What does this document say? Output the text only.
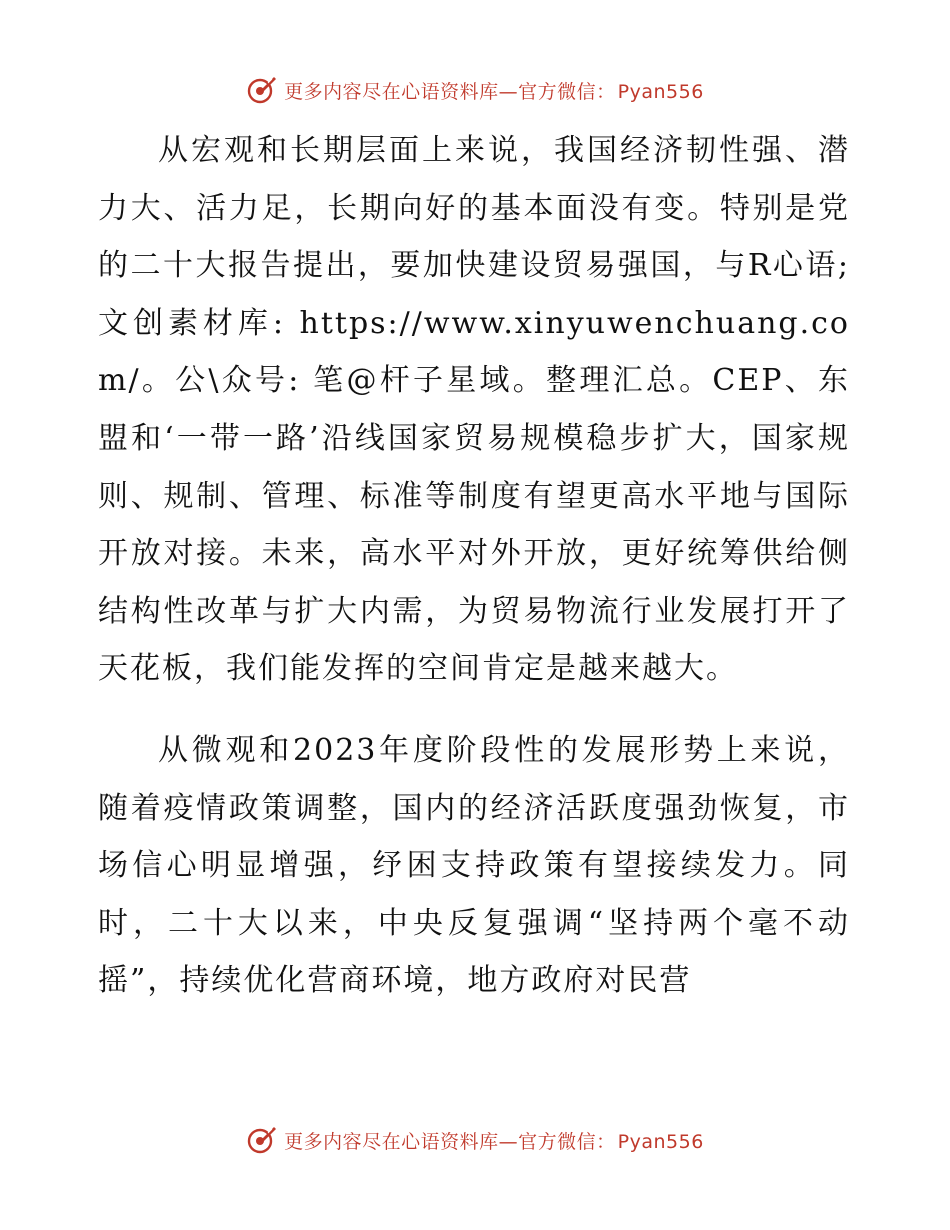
更多内容尽在心语资料库—官方微信： Pyan556

从宏观和长期层面上来说，我国经济韧性强、潜力大、活力足，长期向好的基本面没有变。特别是党的二十大报告提出，要加快建设贸易强国，与R心语;文创素材库: https://www.xinyuwenchuang.com/。公\众号: 笔@杆子星域。整理汇总。CEP、东盟和‘一带一路’沿线国家贸易规模稳步扩大，国家规则、规制、管理、标准等制度有望更高水平地与国际开放对接。未来，高水平对外开放，更好统筹供给侧结构性改革与扩大内需，为贸易物流行业发展打开了天花板，我们能发挥的空间肯定是越来越大。

从微观和2023年度阶段性的发展形势上来说，随着疫情政策调整，国内的经济活跃度强劲恢复，市场信心明显增强，纾困支持政策有望接续发力。同时，二十大以来，中央反复强调“坚持两个毫不动摇”，持续优化营商环境，地方政府对民营

更多内容尽在心语资料库—官方微信： Pyan556
